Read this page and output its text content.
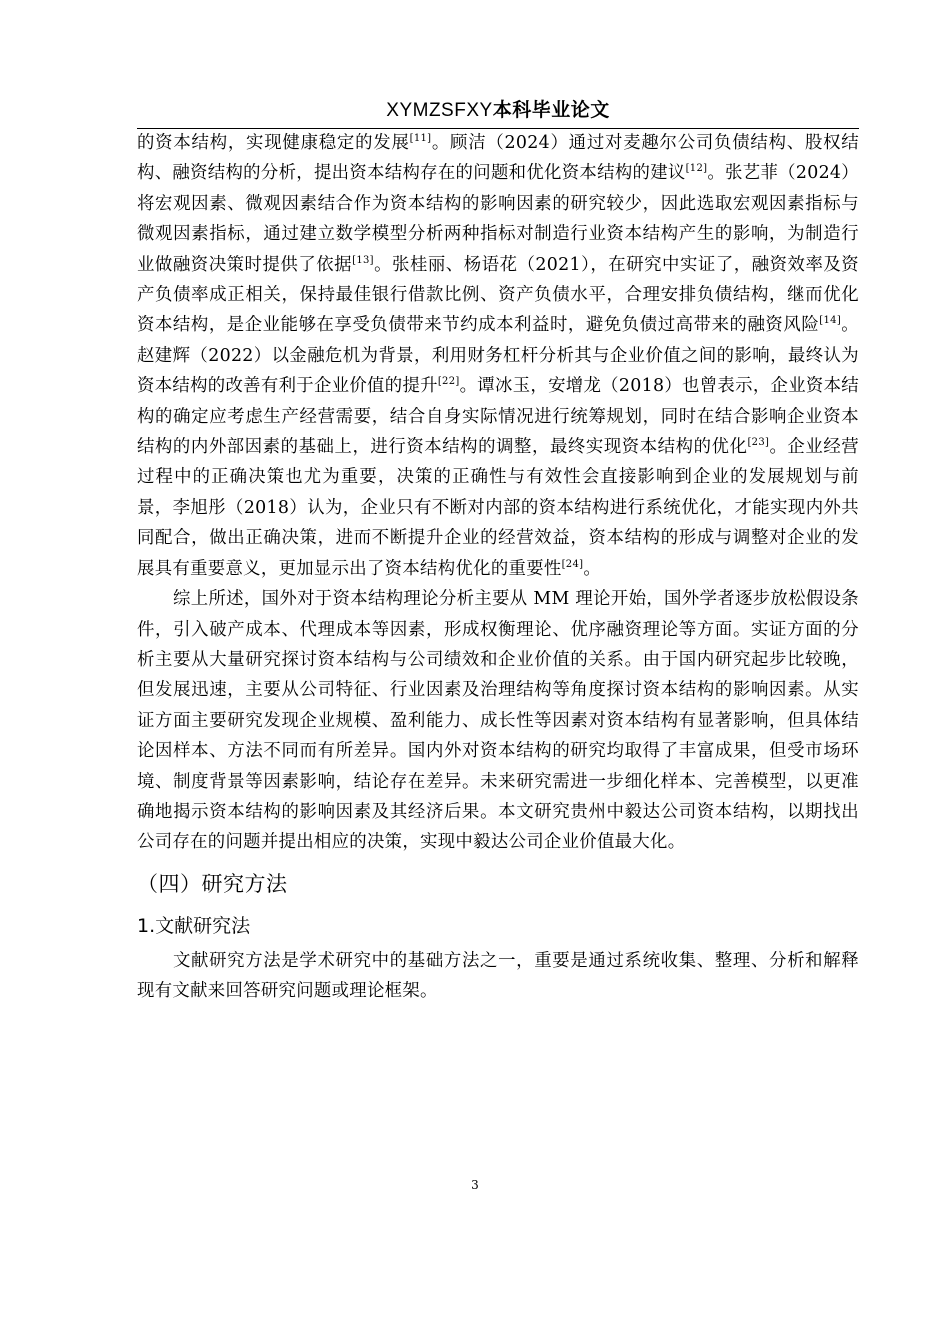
XYMZSFXY本科毕业论文

的资本结构，实现健康稳定的发展[11]。顾洁（2024）通过对麦趣尔公司负债结构、股权结构、融资结构的分析，提出资本结构存在的问题和优化资本结构的建议[12]。张艺菲（2024）将宏观因素、微观因素结合作为资本结构的影响因素的研究较少，因此选取宏观因素指标与微观因素指标，通过建立数学模型分析两种指标对制造行业资本结构产生的影响，为制造行业做融资决策时提供了依据[13]。张桂丽、杨语花（2021），在研究中实证了，融资效率及资产负债率成正相关，保持最佳银行借款比例、资产负债水平，合理安排负债结构，继而优化资本结构，是企业能够在享受负债带来节约成本利益时，避免负债过高带来的融资风险[14]。赵建辉（2022）以金融危机为背景，利用财务杠杆分析其与企业价值之间的影响，最终认为资本结构的改善有利于企业价值的提升[22]。谭冰玉，安增龙（2018）也曾表示，企业资本结构的确定应考虑生产经营需要，结合自身实际情况进行统筹规划，同时在结合影响企业资本结构的内外部因素的基础上，进行资本结构的调整，最终实现资本结构的优化[23]。企业经营过程中的正确决策也尤为重要，决策的正确性与有效性会直接影响到企业的发展规划与前景，李旭彤（2018）认为，企业只有不断对内部的资本结构进行系统优化，才能实现内外共同配合，做出正确决策，进而不断提升企业的经营效益，资本结构的形成与调整对企业的发展具有重要意义，更加显示出了资本结构优化的重要性[24]。

综上所述，国外对于资本结构理论分析主要从 MM 理论开始，国外学者逐步放松假设条件，引入破产成本、代理成本等因素，形成权衡理论、优序融资理论等方面。实证方面的分析主要从大量研究探讨资本结构与公司绩效和企业价值的关系。由于国内研究起步比较晚，但发展迅速，主要从公司特征、行业因素及治理结构等角度探讨资本结构的影响因素。从实证方面主要研究发现企业规模、盈利能力、成长性等因素对资本结构有显著影响，但具体结论因样本、方法不同而有所差异。国内外对资本结构的研究均取得了丰富成果，但受市场环境、制度背景等因素影响，结论存在差异。未来研究需进一步细化样本、完善模型，以更准确地揭示资本结构的影响因素及其经济后果。本文研究贵州中毅达公司资本结构，以期找出公司存在的问题并提出相应的决策，实现中毅达公司企业价值最大化。

（四）研究方法
1.文献研究法

文献研究方法是学术研究中的基础方法之一，重要是通过系统收集、整理、分析和解释现有文献来回答研究问题或理论框架。

3
